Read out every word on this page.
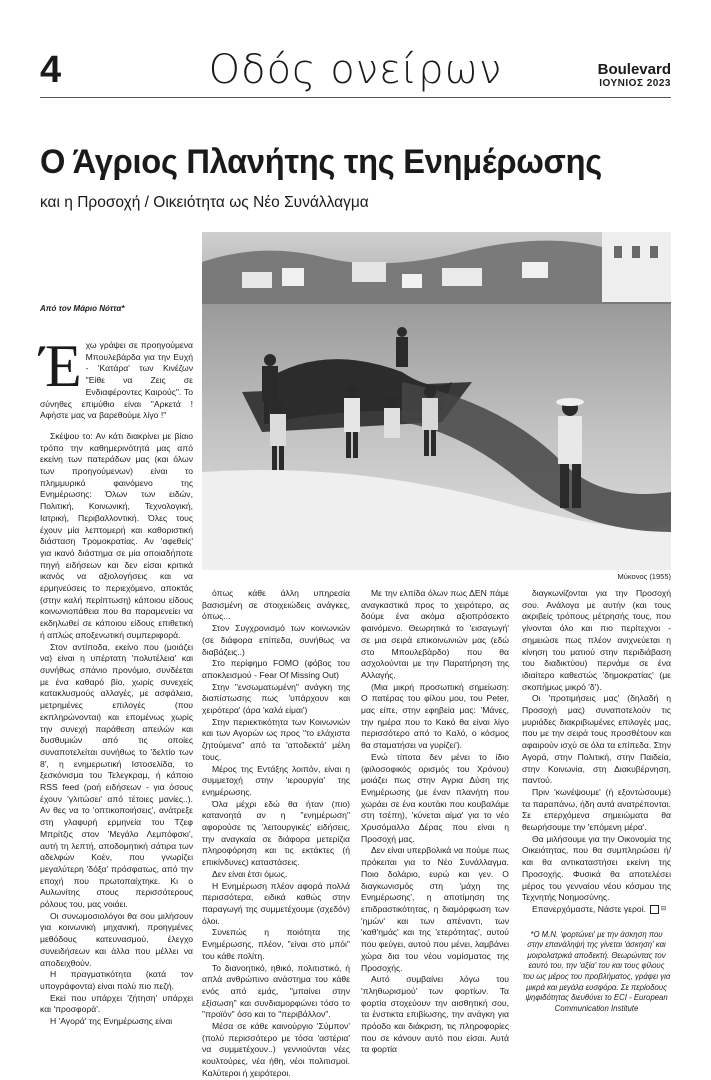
4	Οδός ονείρων	Boulevard
ΙΟΥΝΙΟΣ 2023
Ο Άγριος Πλανήτης της Ενημέρωσης
και η Προσοχή / Οικειότητα ως Νέο Συνάλλαγμα
Μύκονος (1955)
Από τον Μάριο Νόττα*
Έ χω γράψει σε προηγούμενα Μπουλεβάρδα για την Ευχή - 'Κατάρα' των Κινέζων "Είθε να Ζεις σε Ενδιαφέροντες Καιρούς". Το σύνηθες επιμύθιο είναι "Αρκετά ! Αφήστε μας να βαρεθούμε λίγο !"

Σκέψου το: Αν κάτι διακρίνει με βίαιο τρόπο την καθημερινότητά μας από εκείνη των πατεράδων μας (και όλων των προηγούμενων) είναι το πλημμυρικό φαινόμενο της Ενημέρωσης: Όλων των ειδών, Πολιτική, Κοινωνική, Τεχνολογική, Ιατρική, Περιβαλλοντική. Όλες τους έχουν μία λεπτομερή και καθοριστική διάσταση Τρομοκρατίας. Αν 'αφεθείς' για ικανό διάστημα σε μία οποιαδήποτε πηγή ειδήσεων και δεν είσαι κριτικά ικανός να αξιολογήσεις και να ερμηνεύσεις το περιεχόμενο, αποκτάς (στην καλή περίπτωση) κάποιου είδους κοινωνιοπάθεια που θα παραμενείει να εκδηλωθεί σε κάποιου είδους επιθετική ή απλώς αποξενωτική συμπεριφορά.

Στον αντίποδα, εκείνο που (μοιάζει να) είναι η υπέρτατη 'πολυτέλεια' και συνήθως σπάνιο προνόμιο, συνδέεται με ένα καθαρό βίο, χωρίς συνεχείς κατακλυσμούς αλλαγές, με ασφάλεια, μετρημένες επιλογές (που εκπληρώνονται) και επομένως χωρίς την συνεχή παράθεση απειλών και δυσθυμιών από τις οποίες συναποτελείται συνήθως το 'δελτίο των 8', η ενημερωτική Ιστοσελίδα, το ξεσκόνισμα του Τελεγκραμ, ή κάποιο RSS feed (ροή ειδήσεων - για όσους έχουν 'γλιτώσει' από τέτοιες μανίες..). Αν θες να το 'οπτικοποιήσεις', ανάτρεξε στη γλαφυρή ερμηνεία του Τζεφ Μπρίτζις στον 'Μεγάλο Λεμπόφσκι', αυτή τη λεπτή, αποδομητική σάτιρα των αδελφών Κοέν, που γνωρίζει μεγαλύτερη 'δόξα' πρόσφατως, από την εποχή που πρωτοπαίχτηκε. Κι ο Αυλωνίτης στους περισσότερους ρόλους του, μας νοιάει.

Οι συνωμοσιολόγοι θα σου μιλήσουν για κοινωνική μηχανική, προηγμένες μεθόδους κατευνασμού, έλεγχο συνειδήσεων και άλλα που μέλλει να αποδειχθούν.

Η πραγματικότητα (κατά τον υπογράφοντα) είναι πολύ πιο πεζή.

Εκεί που υπάρχει 'ζήτηση' υπάρχει και 'προσφορά'.

Η 'Αγορά' της Ενημέρωσης είναι

όπως κάθε άλλη υπηρεσία βασισμένη σε στοιχειώδεις ανάγκες, όπως...

Στον Συγχρονισμό των κοινωνιών (σε διάφορα επίπεδα, συνήθως να διαβάζεις..)

Στο περίφημο FOMO (φόβος του αποκλεισμού - Fear Of Missing Out)

Στην "ενσωματωμένη" ανάγκη της διαπίστωσης πως 'υπάρχουν και χειρότερα' (άρα 'καλά είμαι')

Στην περιεκτικότητα των Κοινωνιών και των Αγορών ως προς "το ελάχιστα ζητούμενα" από τα 'αποδεκτά' μέλη τους.

Μέρος της Εντάξης λοιπόν, είναι η συμμετοχή στην 'ιερουργία' της ενημέρωσης.

Όλα μέχρι εδώ θα ήταν (πιο) κατανοητά αν η "ενημέρωση" αφορούσε τις 'λειτουργικές' ειδήσεις, την αναγκαία σε διάφορα μετερίζια πληροφόρηση και τις εκτάκτες (ή επικίνδυνες) καταστάσεις.

Δεν είναι έτσι όμως.

Η Ενημέρωση πλέον αφορά πολλά περισσότερα, ειδικά καθώς στην παραγωγή της συμμετέχουμε (σχεδόν) όλοι.

Συνεπώς η ποιότητα της Ενημέρωσης, πλέον, "είναι στο μπόι" του κάθε πολίτη.

Το διανοητικό, ηθικό, πολιτιστικό, ή απλά ανθρώπινο ανάστημα του κάθε ενός από εμάς, "μπαίνει στην εξίσωση" και συνδιαμορφώνει τόσο το "προϊόν" όσο και το "περιβάλλον".

Μέσα σε κάθε καινούργιο 'Σύμπον' (πολύ περισσότερο με τόσα 'αστέρια' να συμμετέχουν..) γεννιούνται νέες κουλτούρες, νέα ήθη, νέοι πολιτισμοί. Καλύτεροι ή χειρότεροι.

Με την ελπίδα όλων πως ΔΕΝ πάμε αναγκαστικά προς το χειρότερο, ας δούμε ένα ακόμα αξιοπρόσεκτο φαινόμενο. Θεωρητικά το 'εισαγωγή' σε μια σειρά επικοινωνιών μας (εδώ στο Μπουλεβάρδο) που θα ασχολούνται με την Παρατήρηση της Αλλαγής.

(Μια μικρή προσωπική σημείωση: Ο πατέρας του φίλου μου, του Peter, μας είπε, στην εφηβεία μας: 'Μάνες, την ημέρα που το Κακό θα είναι λίγο περισσότερο από το Καλό, ο κόσμος θα σταματήσει να γυρίζει').

Ενώ τίποτα δεν μένει το ίδιο (φιλοσοφικός ορισμός του Χρόνου) μοιάζει πως στην Αγρια Δύση της Ενημέρωσης (με έναν πλανήτη που χωράει σε ένα κουτάκι που κουβαλάμε στη τσέπη), 'κύνεται αίμα' για το νέο Χρυσόμαλλο Δέρας που είναι η Προσοχή μας.

Δεν είναι υπερβολικά να πούμε πως πρόκειται για το Νέο Συνάλλαγμα. Ποιο δολάριο, ευρώ και γεν. Ο διαγκωνισμός στη 'μάχη της Ενημέρωσης', η αποτίμηση της επιδραστικότητας, η διαμόρφωση των 'ημών' και των απέναντι, των 'καθ'ημάς' και της 'ετερότητας', αυτού που φεύγει, αυτού που μένει, λαμβάνει χώρα δια του νέου νομίσματος της Προσοχής.

Αυτό συμβαίνει λόγω του 'πληθωρισμού' των φορτίων. Τα φορτία στοχεύουν την αισθητική σου, τα ένστικτα επιβίωσης, την ανάγκη για πρόοδο και διάκριση, τις πληροφορίες που σε κάνουν αυτό που είσαι. Αυτά τα φορτία

διαγκωνίζονται για την Προσοχή σου. Ανάλογα με αυτήν (και τους ακριβείς τρόπους μέτρησής τους, που γίνονται όλο και πιο περίτεχνοι - σημειώσε πως πλέον ανιχνεύεται η κίνηση του ματιού στην περιδιάβαση του διαδικτύου) περνάμε σε ένα ιδιαίτερο καθεστώς 'δημοκρατίας' (με σκοπήμως μικρό 'δ').

Οι 'προτιμήσεις μας' (δηλαδή η Προσοχή μας) συναποτελούν τις μυριάδες διακριβωμένες επιλογές μας, που με την σειρά τους προσθέτουν και αφαιρούν ισχύ σε όλα τα επίπεδα. Στην Αγορά, στην Πολιτική, στην Παιδεία, στην Κοινωνία, στη Διακυβέρνηση, παντού.

Πριν 'κωνέψουμε' (ή εξοντώσουμε) τα παραπάνω, ήδη αυτά ανατρέπονται. Σε επερχόμενα σημειώματα θα θεωρήσουμε την 'επόμενη μέρα'.

Θα μιλήσουμε για την Οικονομία της Οικειότητας, που θα συμπληρώσει ή/και θα αντικαταστήσει εκείνη της Προσοχής. Φυσικά θα αποτελέσει μέρος του γενναίου νέου κόσμου της Τεχνητής Νοημοσύνης.

Επανερχόμαστε, Νάστε γεροί.	⊟

*Ο Μ.Ν. 'φορτώνει' με την άσκηση που στην επανάληψή της γίνεται 'άσκηση' και μοιρολατρικά αποδεκτή. Θεωρώντας τον εαυτό του, την 'αξία' του και τους φίλους του ως μέρος του προβλήματος, γράφει για μικρά και μεγάλα ευσφόρα. Σε περίοδους ψηφιδότητας διευθύνει το ECI - European Communication Institute
